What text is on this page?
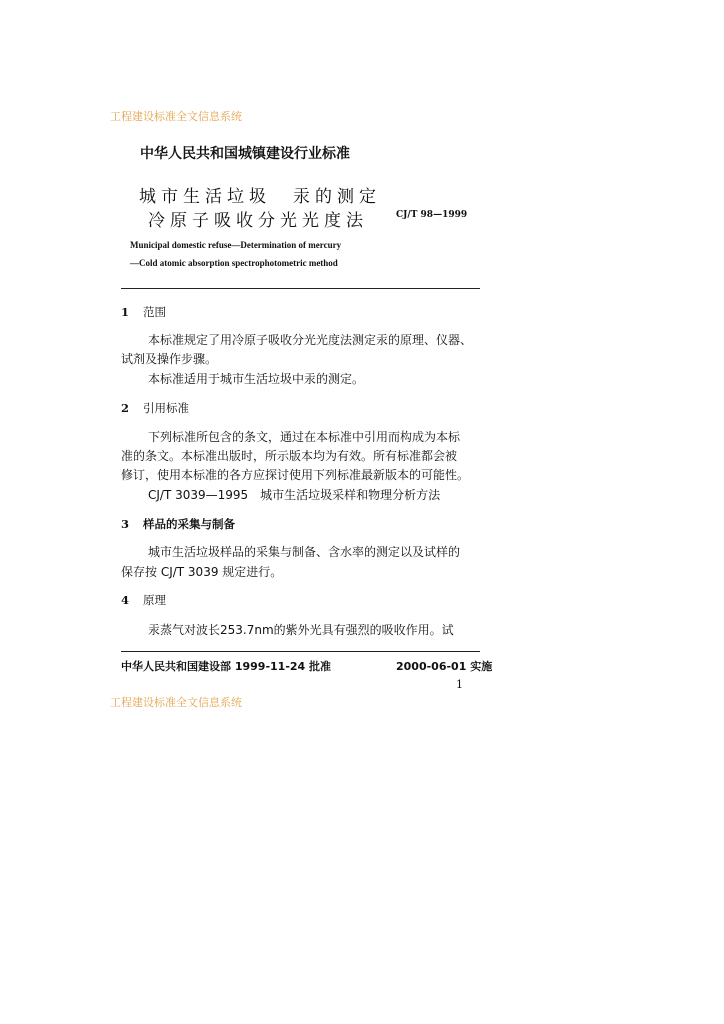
工程建设标准全文信息系统
中华人民共和国城镇建设行业标准
城市生活垃圾　汞的测定
冷原子吸收分光光度法	CJ/T 98—1999
Municipal domestic refuse—Determination of mercury
—Cold atomic absorption spectrophotometric method
1 范围
本标准规定了用冷原子吸收分光光度法测定汞的原理、仪器、
试剂及操作步骤。
本标准适用于城市生活垃圾中汞的测定。
2 引用标准
下列标准所包含的条文，通过在本标准中引用而构成为本标
准的条文。本标准出版时，所示版本均为有效。所有标准都会被
修订，使用本标准的各方应探讨使用下列标准最新版本的可能性。
CJ/T 3039—1995　城市生活垃圾采样和物理分析方法
3 样品的采集与制备
城市生活垃圾样品的采集与制备、含水率的测定以及试样的
保存按 CJ/T 3039 规定进行。
4 原理
汞蒸气对波长253.7nm的紫外光具有强烈的吸收作用。试
中华人民共和国建设部 1999-11-24 批准	2000-06-01 实施
1
工程建设标准全文信息系统
